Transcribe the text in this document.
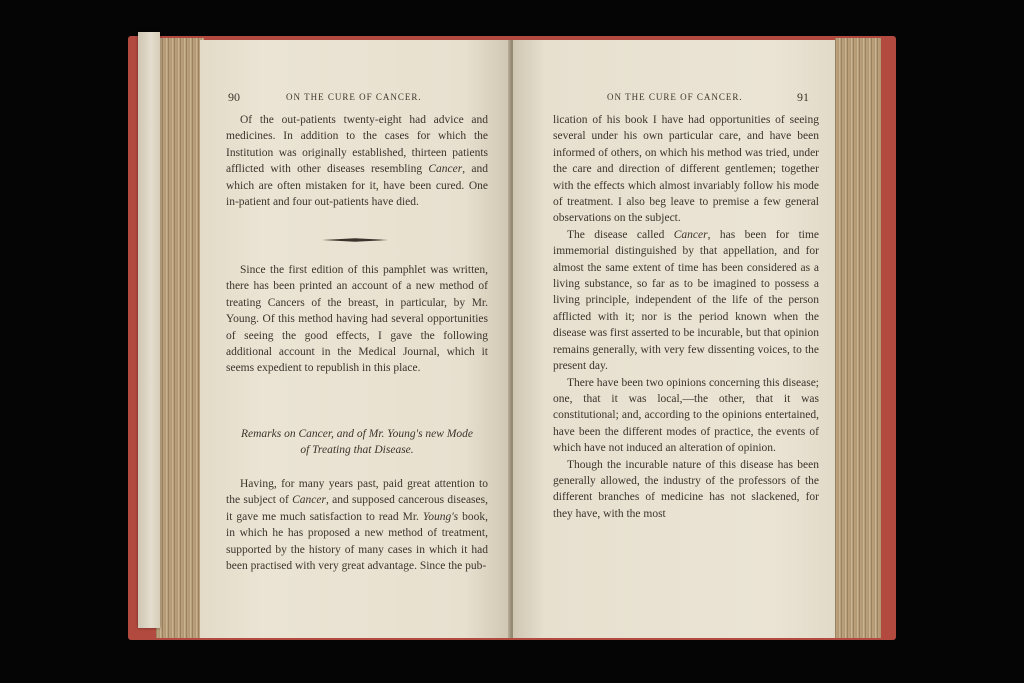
90	ON THE CURE OF CANCER.

Of the out-patients twenty-eight had advice and medicines. In addition to the cases for which the Institution was originally established, thirteen patients afflicted with other diseases resembling Cancer, and which are often mistaken for it, have been cured. One in-patient and four out-patients have died.

Since the first edition of this pamphlet was written, there has been printed an account of a new method of treating Cancers of the breast, in particular, by Mr. Young. Of this method having had several opportunities of seeing the good effects, I gave the following additional account in the Medical Journal, which it seems expedient to republish in this place.

Remarks on Cancer, and of Mr. Young's new Mode
of Treating that Disease.

Having, for many years past, paid great attention to the subject of Cancer, and supposed cancerous diseases, it gave me much satisfaction to read Mr. Young's book, in which he has proposed a new method of treatment, supported by the history of many cases in which it had been practised with very great advantage. Since the pub-

ON THE CURE OF CANCER.	91

lication of his book I have had opportunities of seeing several under his own particular care, and have been informed of others, on which his method was tried, under the care and direction of different gentlemen; together with the effects which almost invariably follow his mode of treatment. I also beg leave to premise a few general observations on the subject.

The disease called Cancer, has been for time immemorial distinguished by that appellation, and for almost the same extent of time has been considered as a living substance, so far as to be imagined to possess a living principle, independent of the life of the person afflicted with it; nor is the period known when the disease was first asserted to be incurable, but that opinion remains generally, with very few dissenting voices, to the present day.

There have been two opinions concerning this disease; one, that it was local,—the other, that it was constitutional; and, according to the opinions entertained, have been the different modes of practice, the events of which have not induced an alteration of opinion.

Though the incurable nature of this disease has been generally allowed, the industry of the professors of the different branches of medicine has not slackened, for they have, with the most
